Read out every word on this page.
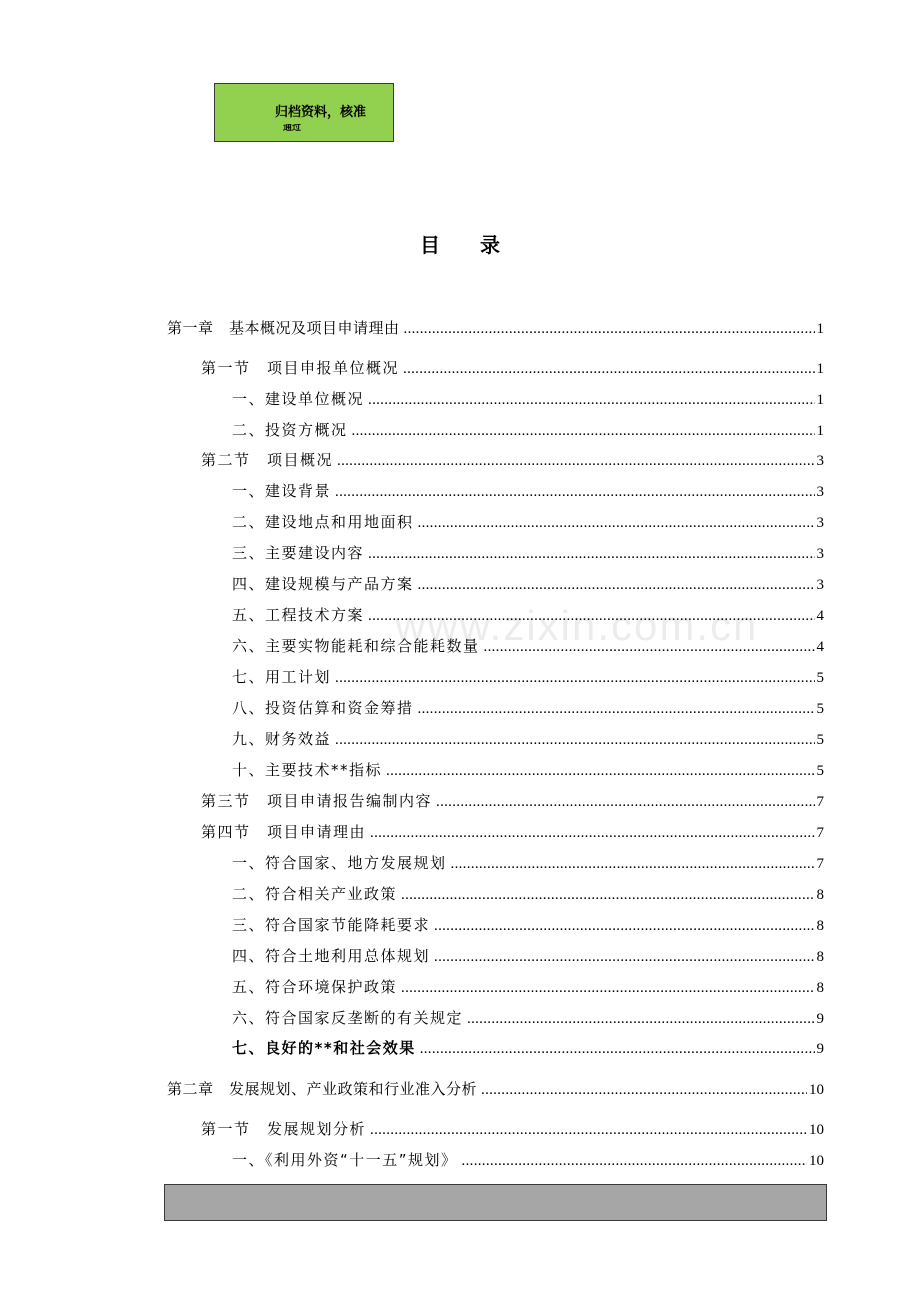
归档资料，核准
通过
目录
www.zixin.com.cn
第一章　基本概况及项目申请理由 .....	1
第一节　项目申报单位概况 .....	1
一、建设单位概况 .....	1
二、投资方概况 .....	1
第二节　项目概况 .....	3
一、建设背景 .....	3
二、建设地点和用地面积 .....	3
三、主要建设内容 .....	3
四、建设规模与产品方案 .....	3
五、工程技术方案 .....	4
六、主要实物能耗和综合能耗数量 .....	4
七、用工计划 .....	5
八、投资估算和资金筹措 .....	5
九、财务效益 .....	5
十、主要技术**指标 .....	5
第三节　项目申请报告编制内容 .....	7
第四节　项目申请理由 .....	7
一、符合国家、地方发展规划 .....	7
二、符合相关产业政策 .....	8
三、符合国家节能降耗要求 .....	8
四、符合土地利用总体规划 .....	8
五、符合环境保护政策 .....	8
六、符合国家反垄断的有关规定 .....	9
七、良好的**和社会效果 .....	9
第二章　发展规划、产业政策和行业准入分析 .....	10
第一节　发展规划分析 .....	10
一、《利用外资“十一五”规划》 .....	10
